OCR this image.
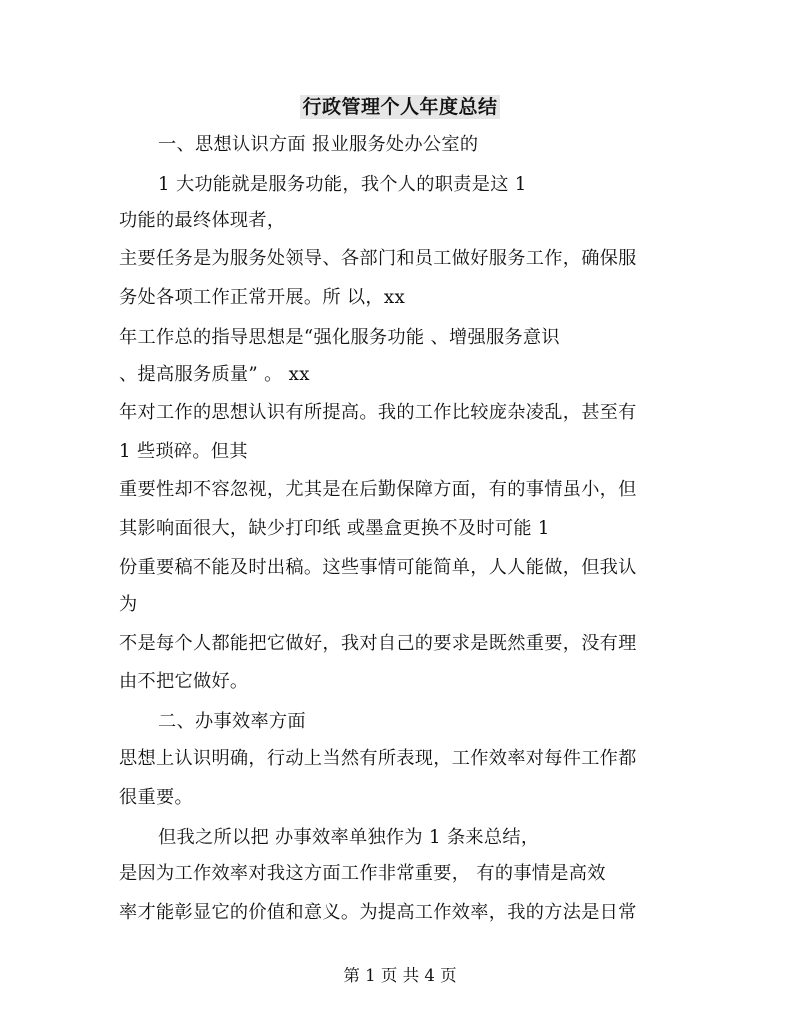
行政管理个人年度总结
一、思想认识方面 报业服务处办公室的
1 大功能就是服务功能，我个人的职责是这 1
功能的最终体现者，
主要任务是为服务处领导、各部门和员工做好服务工作，确保服
务处各项工作正常开展。所 以，xx
年工作总的指导思想是“强化服务功能 、增强服务意识
、提高服务质量” 。 xx
年对工作的思想认识有所提高。我的工作比较庞杂凌乱，甚至有
1 些琐碎。但其
重要性却不容忽视，尤其是在后勤保障方面，有的事情虽小，但
其影响面很大，缺少打印纸 或墨盒更换不及时可能 1
份重要稿不能及时出稿。这些事情可能简单，人人能做，但我认
为
不是每个人都能把它做好，我对自己的要求是既然重要，没有理
由不把它做好。
二、办事效率方面
思想上认识明确，行动上当然有所表现，工作效率对每件工作都
很重要。
但我之所以把 办事效率单独作为 1 条来总结，
是因为工作效率对我这方面工作非常重要， 有的事情是高效
率才能彰显它的价值和意义。为提高工作效率，我的方法是日常
第 1 页 共 4 页
